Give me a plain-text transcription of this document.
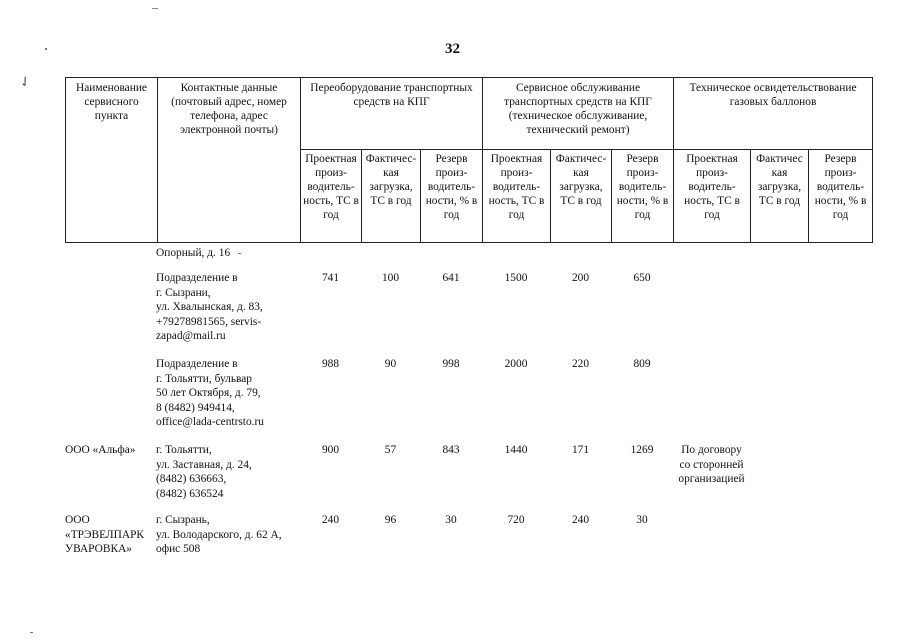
32
✓	Наименование сервисного пункта	Контактные данные (почтовый адрес, номер телефона, адрес электронной почты)	Переоборудование транспортных средств на КПГ			Сервисное обслуживание транспортных средств на КПГ (техническое обслуживание, технический ремонт)			Техническое освидетельствование газовых баллонов		
		Проектная произ-водитель-ность, ТС в год	Фактичес-кая загрузка, ТС в год	Резерв произ-водитель-ности, % в год	Проектная произ-водитель-ность, ТС в год	Фактичес-кая загрузка, ТС в год	Резерв произ-водитель-ности, % в год	Проектная произ-водитель-ность, ТС в год	Фактичес кая загрузка, ТС в год	Резерв произ-водитель-ности, % в год
	Опорный, д. 16									

	Подразделение в
г. Сызрани,
ул. Хвалынская, д. 83,
+79278981565, servis-
zapad@mail.ru	741	100	641	1500	200	650			

	Подразделение в
г. Тольятти, бульвар
50 лет Октября, д. 79,
8 (8482) 949414,
office@lada-centrsto.ru	988	90	998	2000	220	809			
ООО «Альфа»	г. Тольятти,
ул. Заставная, д. 24,
(8482) 636663,
(8482) 636524	900	57	843	1440	171	1269	По договору со сторонней организацией		
ООО «ТРЭВЕЛПАРК УВАРОВКА»	г. Сызрань,
ул. Володарского, д. 62 А,
офис 508	240	96	30	720	240	30			
